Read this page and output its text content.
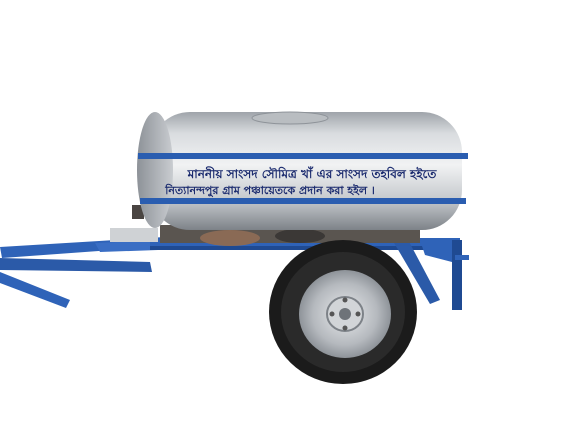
মাননীয় সাংসদ সৌমিত্র খাঁ এর সাংসদ তহবিল হইতে
নিত্যানন্দপুর গ্রাম পঞ্চায়েতকে প্রদান করা হইল ।
